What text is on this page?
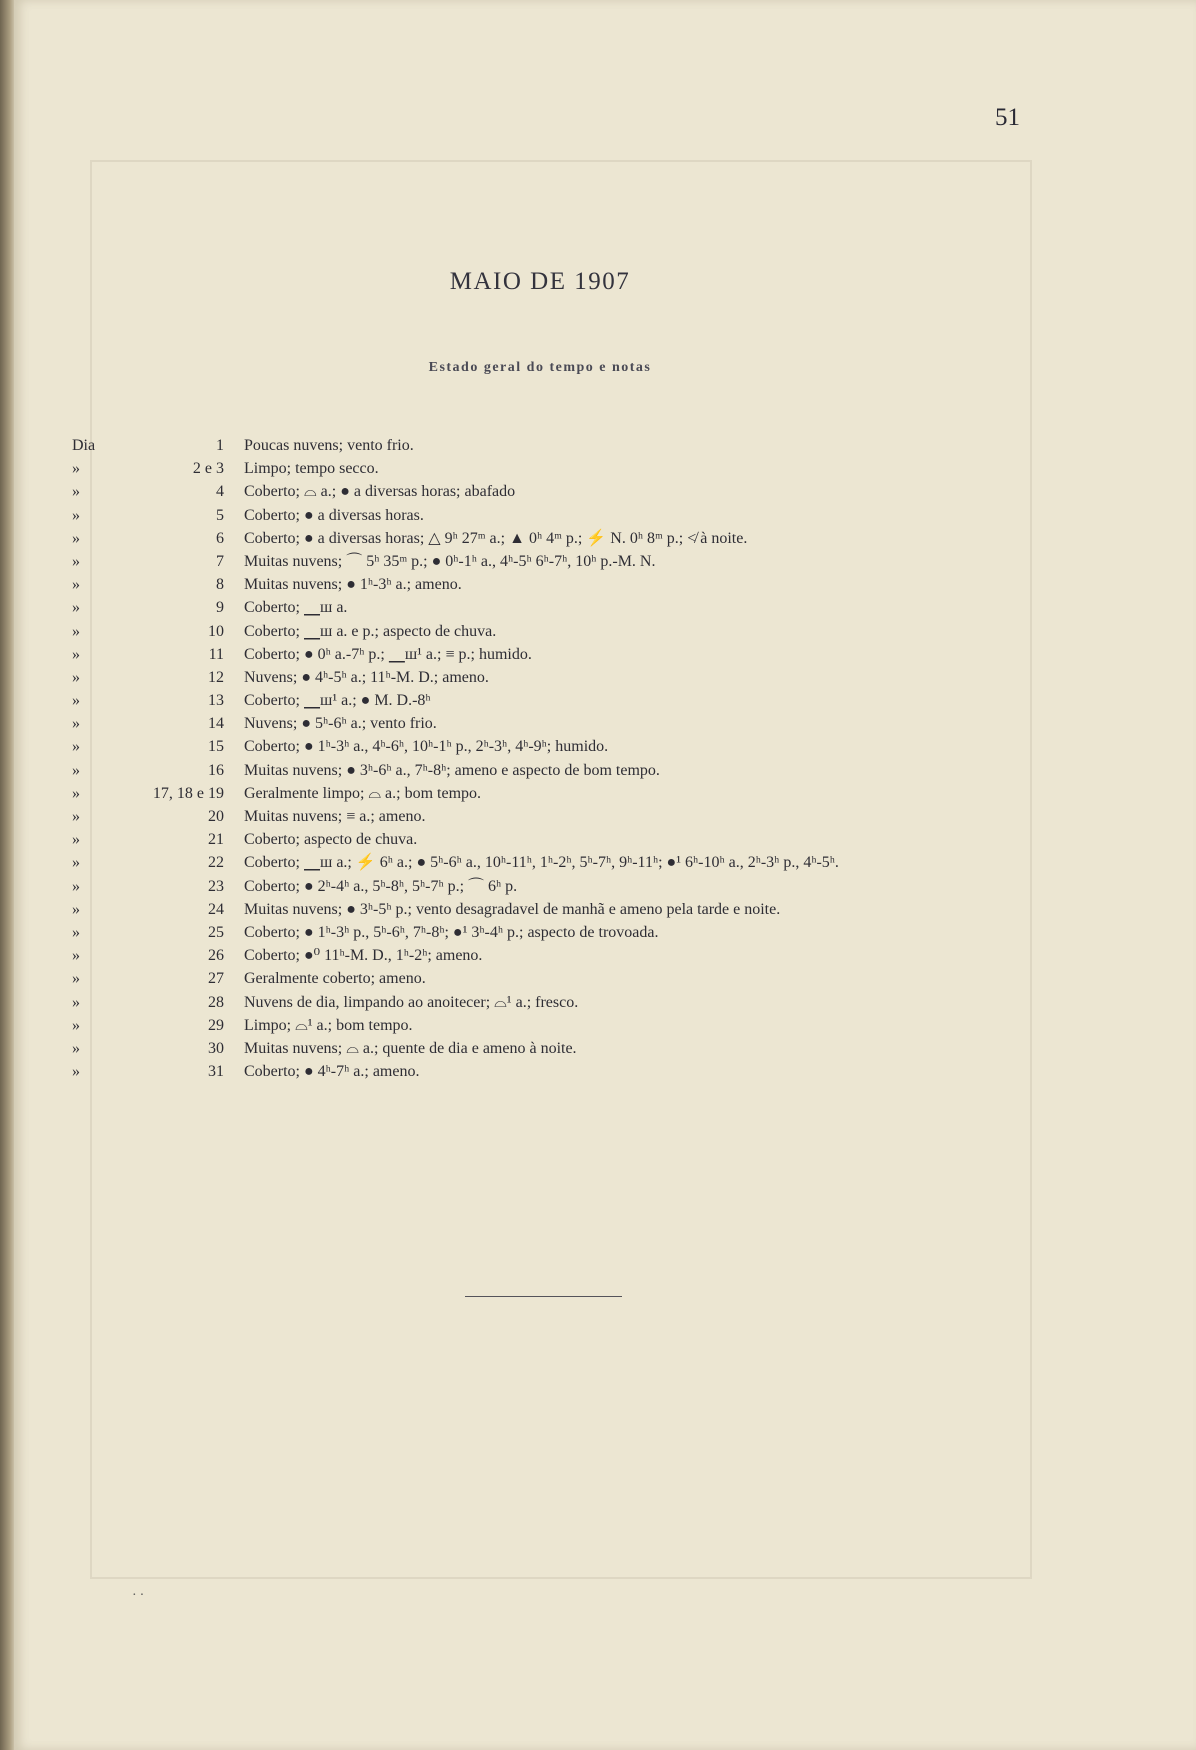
51
MAIO DE 1907
Estado geral do tempo e notas
Dia	1	Poucas nuvens; vento frio.
»	2 e 3	Limpo; tempo secco.
»	4	Coberto; ⌓ a.; ● a diversas horas; abafado
»	5	Coberto; ● a diversas horas.
»	6	Coberto; ● a diversas horas; △ 9ʰ 27ᵐ a.; ▲ 0ʰ 4ᵐ p.; ⚡ N. 0ʰ 8ᵐ p.; ≮ à noite.
»	7	Muitas nuvens; ⌒ 5ʰ 35ᵐ p.; ● 0ʰ-1ʰ a., 4ʰ-5ʰ 6ʰ-7ʰ, 10ʰ p.-M. N.
»	8	Muitas nuvens; ● 1ʰ-3ʰ a.; ameno.
»	9	Coberto; ⎽ш a.
»	10	Coberto; ⎽ш a. e p.; aspecto de chuva.
»	11	Coberto; ● 0ʰ a.-7ʰ p.; ⎽ш¹ a.; ≡ p.; humido.
»	12	Nuvens; ● 4ʰ-5ʰ a.; 11ʰ-M. D.; ameno.
»	13	Coberto; ⎽ш¹ a.; ● M. D.-8ʰ
»	14	Nuvens; ● 5ʰ-6ʰ a.; vento frio.
»	15	Coberto; ● 1ʰ-3ʰ a., 4ʰ-6ʰ, 10ʰ-1ʰ p., 2ʰ-3ʰ, 4ʰ-9ʰ; humido.
»	16	Muitas nuvens; ● 3ʰ-6ʰ a., 7ʰ-8ʰ; ameno e aspecto de bom tempo.
»	17, 18 e 19	Geralmente limpo; ⌓ a.; bom tempo.
»	20	Muitas nuvens; ≡ a.; ameno.
»	21	Coberto; aspecto de chuva.
»	22	Coberto; ⎽ш a.; ⚡ 6ʰ a.; ● 5ʰ-6ʰ a., 10ʰ-11ʰ, 1ʰ-2ʰ, 5ʰ-7ʰ, 9ʰ-11ʰ; ●¹ 6ʰ-10ʰ a., 2ʰ-3ʰ p., 4ʰ-5ʰ.
»	23	Coberto; ● 2ʰ-4ʰ a., 5ʰ-8ʰ, 5ʰ-7ʰ p.; ⌒ 6ʰ p.
»	24	Muitas nuvens; ● 3ʰ-5ʰ p.; vento desagradavel de manhã e ameno pela tarde e noite.
»	25	Coberto; ● 1ʰ-3ʰ p., 5ʰ-6ʰ, 7ʰ-8ʰ; ●¹ 3ʰ-4ʰ p.; aspecto de trovoada.
»	26	Coberto; ●⁰ 11ʰ-M. D., 1ʰ-2ʰ; ameno.
»	27	Geralmente coberto; ameno.
»	28	Nuvens de dia, limpando ao anoitecer; ⌓¹ a.; fresco.
»	29	Limpo; ⌓¹ a.; bom tempo.
»	30	Muitas nuvens; ⌓ a.; quente de dia e ameno à noite.
»	31	Coberto; ● 4ʰ-7ʰ a.; ameno.
··
